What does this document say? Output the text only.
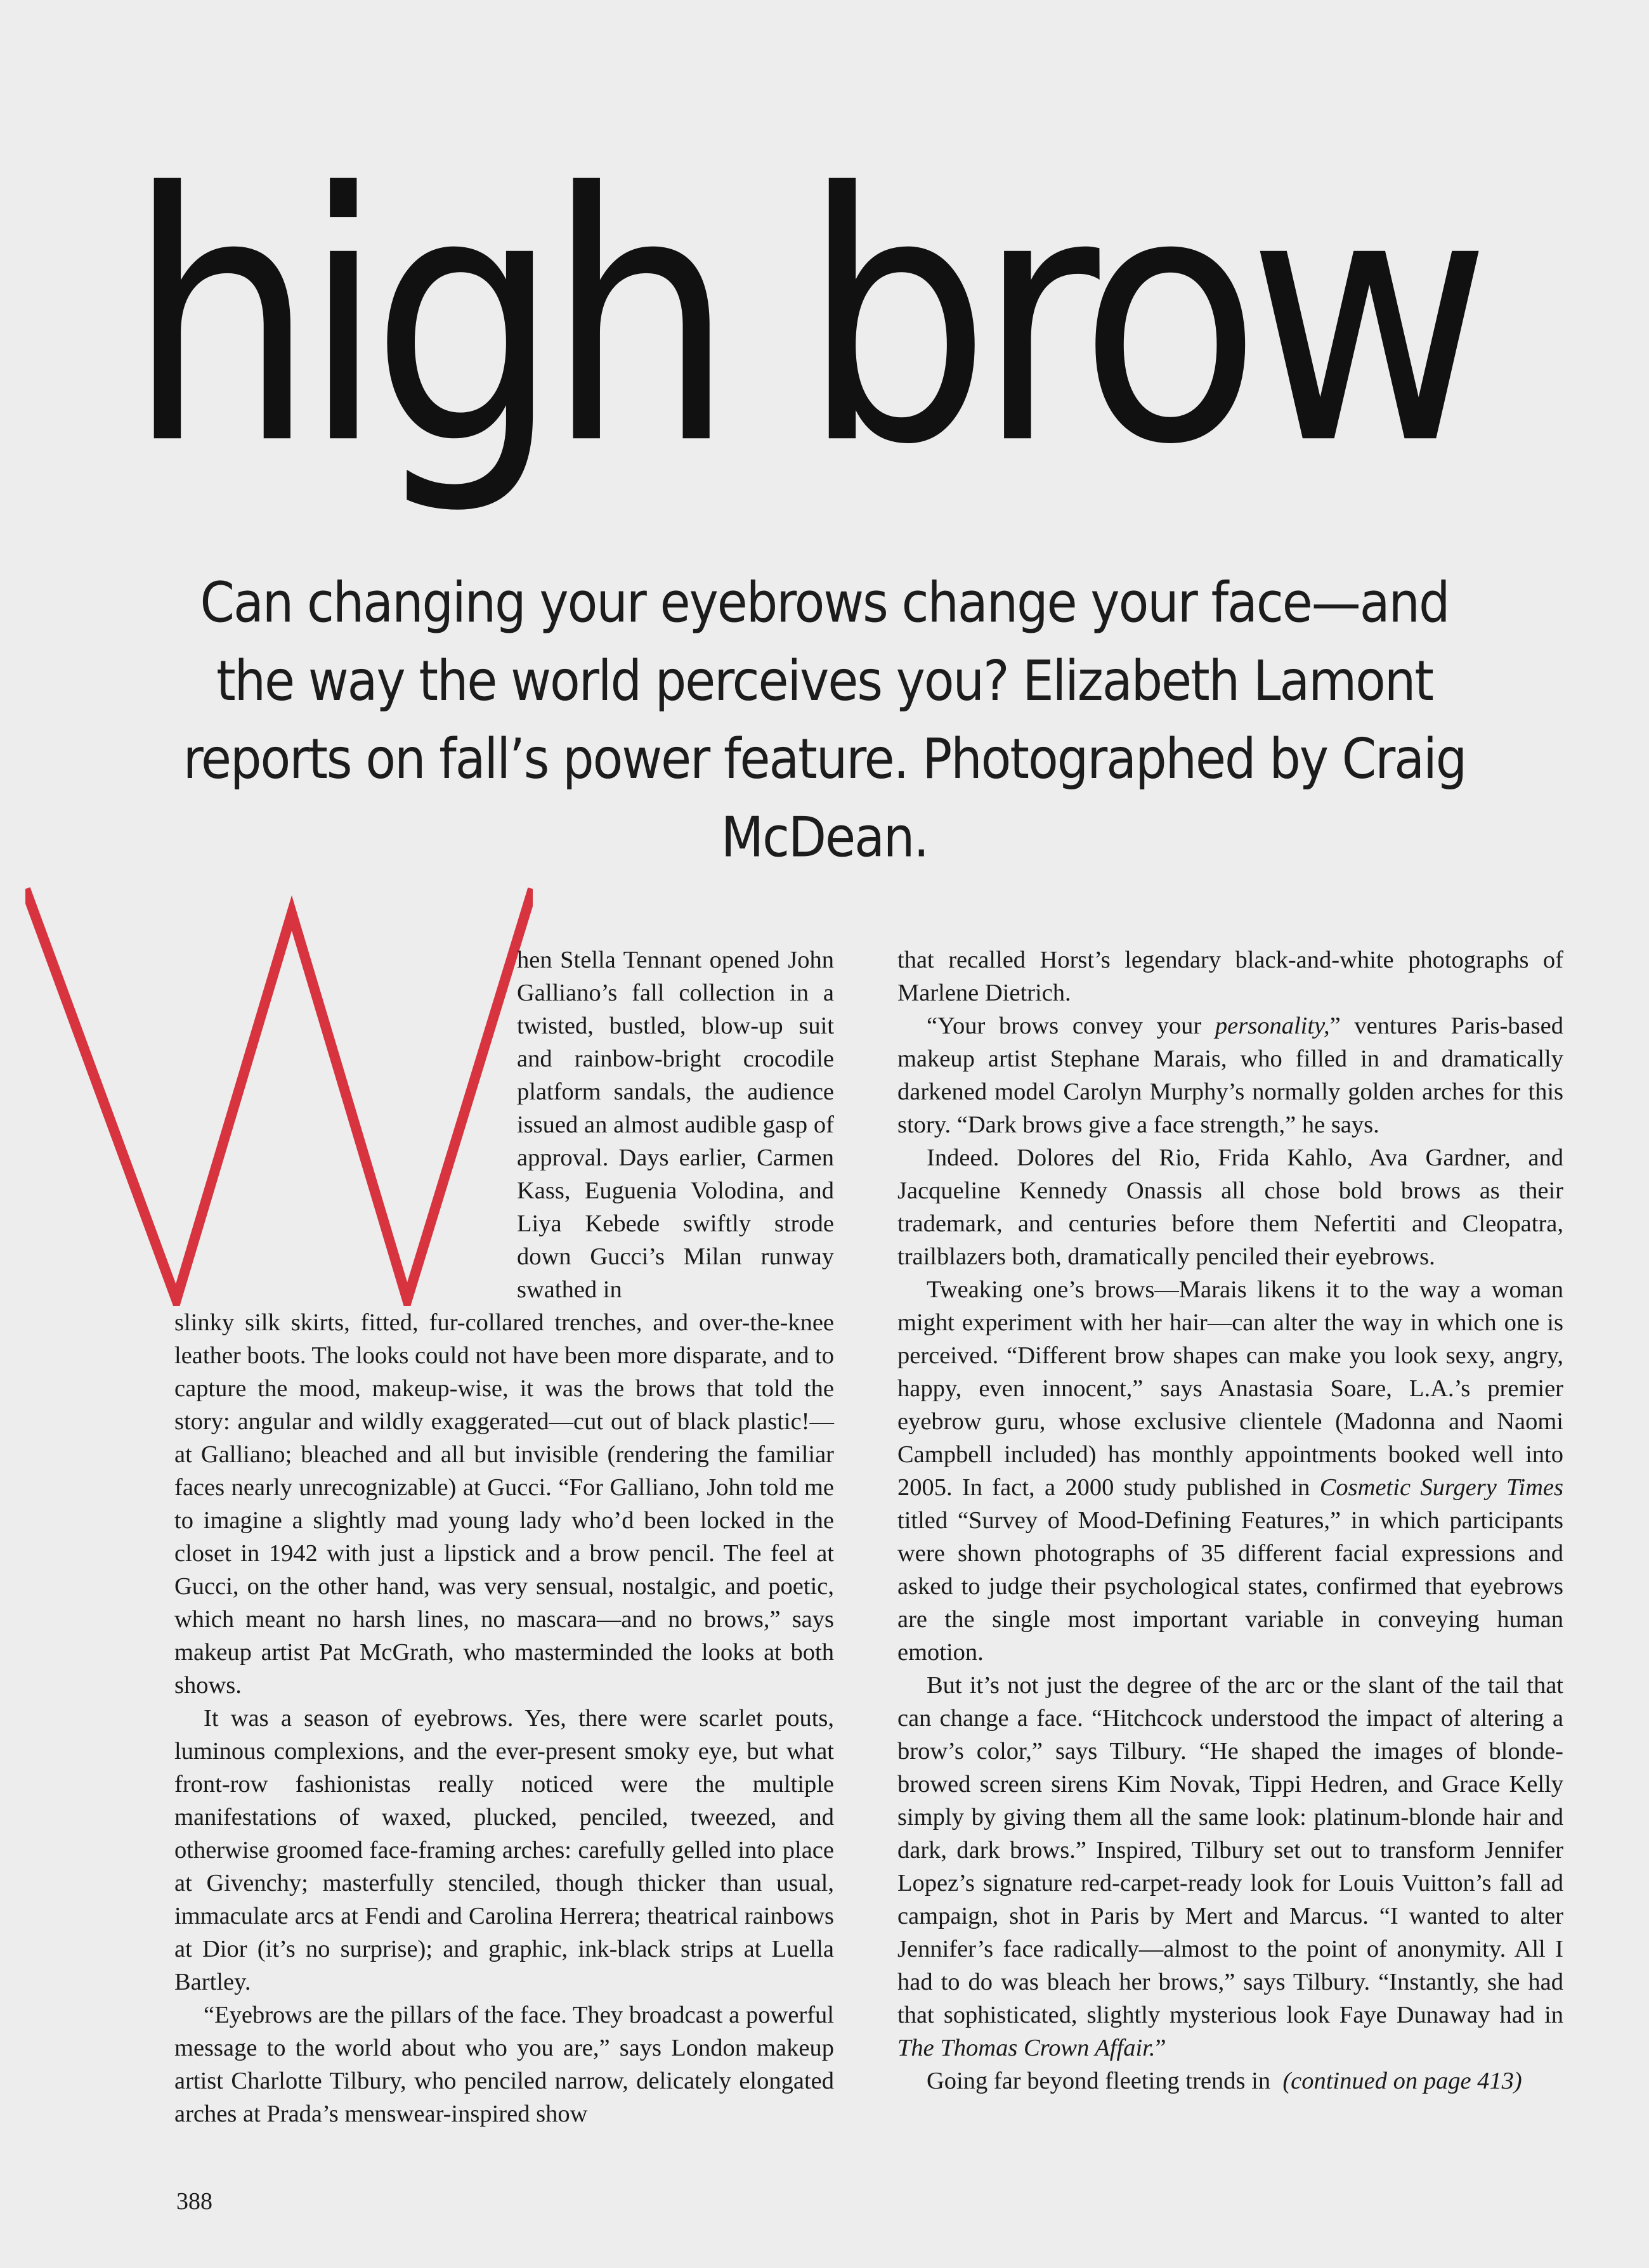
high brow
Can changing your eyebrows change your face—and the way the world perceives you? Elizabeth Lamont reports on fall’s power feature. Photographed by Craig McDean.

hen Stella Tennant opened John Galliano’s fall collection in a twisted, bustled, blow-up suit and rainbow-bright crocodile platform sandals, the audience issued an almost audible gasp of approval. Days earlier, Carmen Kass, Euguenia Volodina, and Liya Kebede swiftly strode down Gucci’s Milan runway swathed in

slinky silk skirts, fitted, fur-collared trenches, and over-the-knee leather boots. The looks could not have been more disparate, and to capture the mood, makeup-wise, it was the brows that told the story: angular and wildly exaggerated—cut out of black plastic!—at Galliano; bleached and all but invisible (rendering the familiar faces nearly unrecognizable) at Gucci. “For Galliano, John told me to imagine a slightly mad young lady who’d been locked in the closet in 1942 with just a lipstick and a brow pencil. The feel at Gucci, on the other hand, was very sensual, nostalgic, and poetic, which meant no harsh lines, no mascara—and no brows,” says makeup artist Pat McGrath, who masterminded the looks at both shows.

It was a season of eyebrows. Yes, there were scarlet pouts, luminous complexions, and the ever-present smoky eye, but what front-row fashionistas really noticed were the multiple manifestations of waxed, plucked, penciled, tweezed, and otherwise groomed face-framing arches: carefully gelled into place at Givenchy; masterfully stenciled, though thicker than usual, immaculate arcs at Fendi and Carolina Herrera; theatrical rainbows at Dior (it’s no surprise); and graphic, ink-black strips at Luella Bartley.

“Eyebrows are the pillars of the face. They broadcast a powerful message to the world about who you are,” says London makeup artist Charlotte Tilbury, who penciled narrow, delicately elongated arches at Prada’s menswear-inspired show

that recalled Horst’s legendary black-and-white photographs of Marlene Dietrich.

“Your brows convey your personality,” ventures Paris-based makeup artist Stephane Marais, who filled in and dramatically darkened model Carolyn Murphy’s normally golden arches for this story. “Dark brows give a face strength,” he says.

Indeed. Dolores del Rio, Frida Kahlo, Ava Gardner, and Jacqueline Kennedy Onassis all chose bold brows as their trademark, and centuries before them Nefertiti and Cleopatra, trailblazers both, dramatically penciled their eyebrows.

Tweaking one’s brows—Marais likens it to the way a woman might experiment with her hair—can alter the way in which one is perceived. “Different brow shapes can make you look sexy, angry, happy, even innocent,” says Anastasia Soare, L.A.’s premier eyebrow guru, whose exclusive clientele (Madonna and Naomi Campbell included) has monthly appointments booked well into 2005. In fact, a 2000 study published in Cosmetic Surgery Times titled “Survey of Mood-Defining Features,” in which participants were shown photographs of 35 different facial expressions and asked to judge their psychological states, confirmed that eyebrows are the single most important variable in conveying human emotion.

But it’s not just the degree of the arc or the slant of the tail that can change a face. “Hitchcock understood the impact of altering a brow’s color,” says Tilbury. “He shaped the images of blonde-browed screen sirens Kim Novak, Tippi Hedren, and Grace Kelly simply by giving them all the same look: platinum-blonde hair and dark, dark brows.” Inspired, Tilbury set out to transform Jennifer Lopez’s signature red-carpet-ready look for Louis Vuitton’s fall ad campaign, shot in Paris by Mert and Marcus. “I wanted to alter Jennifer’s face radically—almost to the point of anonymity. All I had to do was bleach her brows,” says Tilbury. “Instantly, she had that sophisticated, slightly mysterious look Faye Dunaway had in The Thomas Crown Affair.”

Going far beyond fleeting trends in (continued on page 413)

388
